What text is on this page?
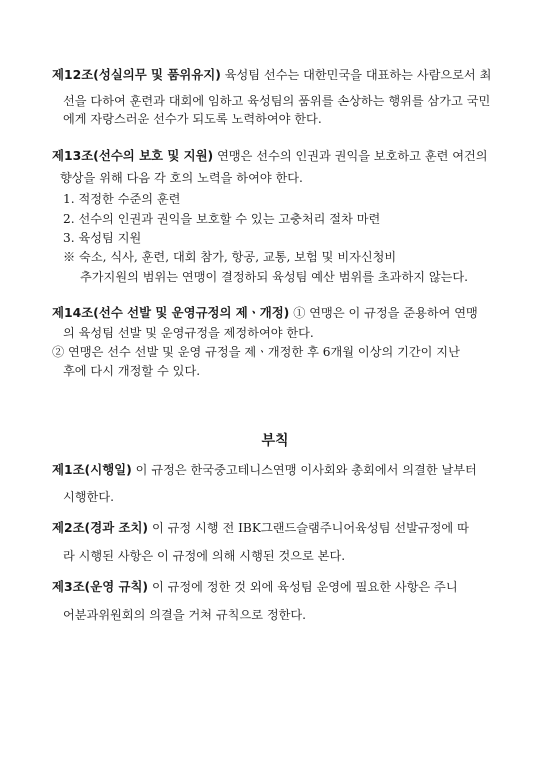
제12조(성실의무 및 품위유지) 육성팀 선수는 대한민국을 대표하는 사람으로서 최
선을 다하여 훈련과 대회에 임하고 육성팀의 품위를 손상하는 행위를 삼가고 국민
에게 자랑스러운 선수가 되도록 노력하여야 한다.
제13조(선수의 보호 및 지원) 연맹은 선수의 인권과 권익을 보호하고 훈련 여건의
향상을 위해 다음 각 호의 노력을 하여야 한다.
1. 적정한 수준의 훈련
2. 선수의 인권과 권익을 보호할 수 있는 고충처리 절차 마련
3. 육성팀 지원
※ 숙소, 식사, 훈련, 대회 참가, 항공, 교통, 보험 및 비자신청비
추가지원의 범위는 연맹이 결정하되 육성팀 예산 범위를 초과하지 않는다.
제14조(선수 선발 및 운영규정의 제ㆍ개정) ① 연맹은 이 규정을 준용하여 연맹
의 육성팀 선발 및 운영규정을 제정하여야 한다.
② 연맹은 선수 선발 및 운영 규정을 제ㆍ개정한 후 6개월 이상의 기간이 지난
후에 다시 개정할 수 있다.
부칙
제1조(시행일) 이 규정은 한국중고테니스연맹 이사회와 총회에서 의결한 날부터
시행한다.
제2조(경과 조치) 이 규정 시행 전 IBK그랜드슬램주니어육성팀 선발규정에 따
라 시행된 사항은 이 규정에 의해 시행된 것으로 본다.
제3조(운영 규칙) 이 규정에 정한 것 외에 육성팀 운영에 필요한 사항은 주니
어분과위원회의 의결을 거쳐 규칙으로 정한다.
